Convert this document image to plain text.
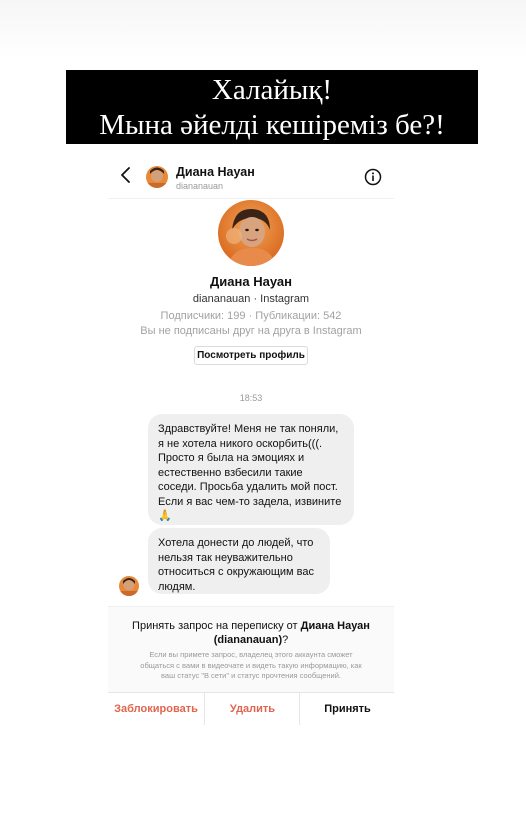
Халайық!
Мына әйелді кешіреміз бе?!
Диана Науан
diananauan
Диана Науан
diananauan · Instagram
Подписчики: 199 · Публикации: 542
Вы не подписаны друг на друга в Instagram
Посмотреть профиль
18:53
Здравствуйте! Меня не так поняли,
я не хотела никого оскорбить(((.
Просто я была на эмоциях и
естественно взбесили такие
соседи. Просьба удалить мой пост.
Если я вас чем-то задела, извините
🙏
Хотела донести до людей, что
нельзя так неуважительно
относиться с окружающим вас
людям.
Принять запрос на переписку от Диана Науан
(diananauan)?
Если вы примете запрос, владелец этого аккаунта сможет
общаться с вами в видеочате и видеть такую информацию, как
ваш статус "В сети" и статус прочтения сообщений.
Заблокировать	Удалить	Принять
